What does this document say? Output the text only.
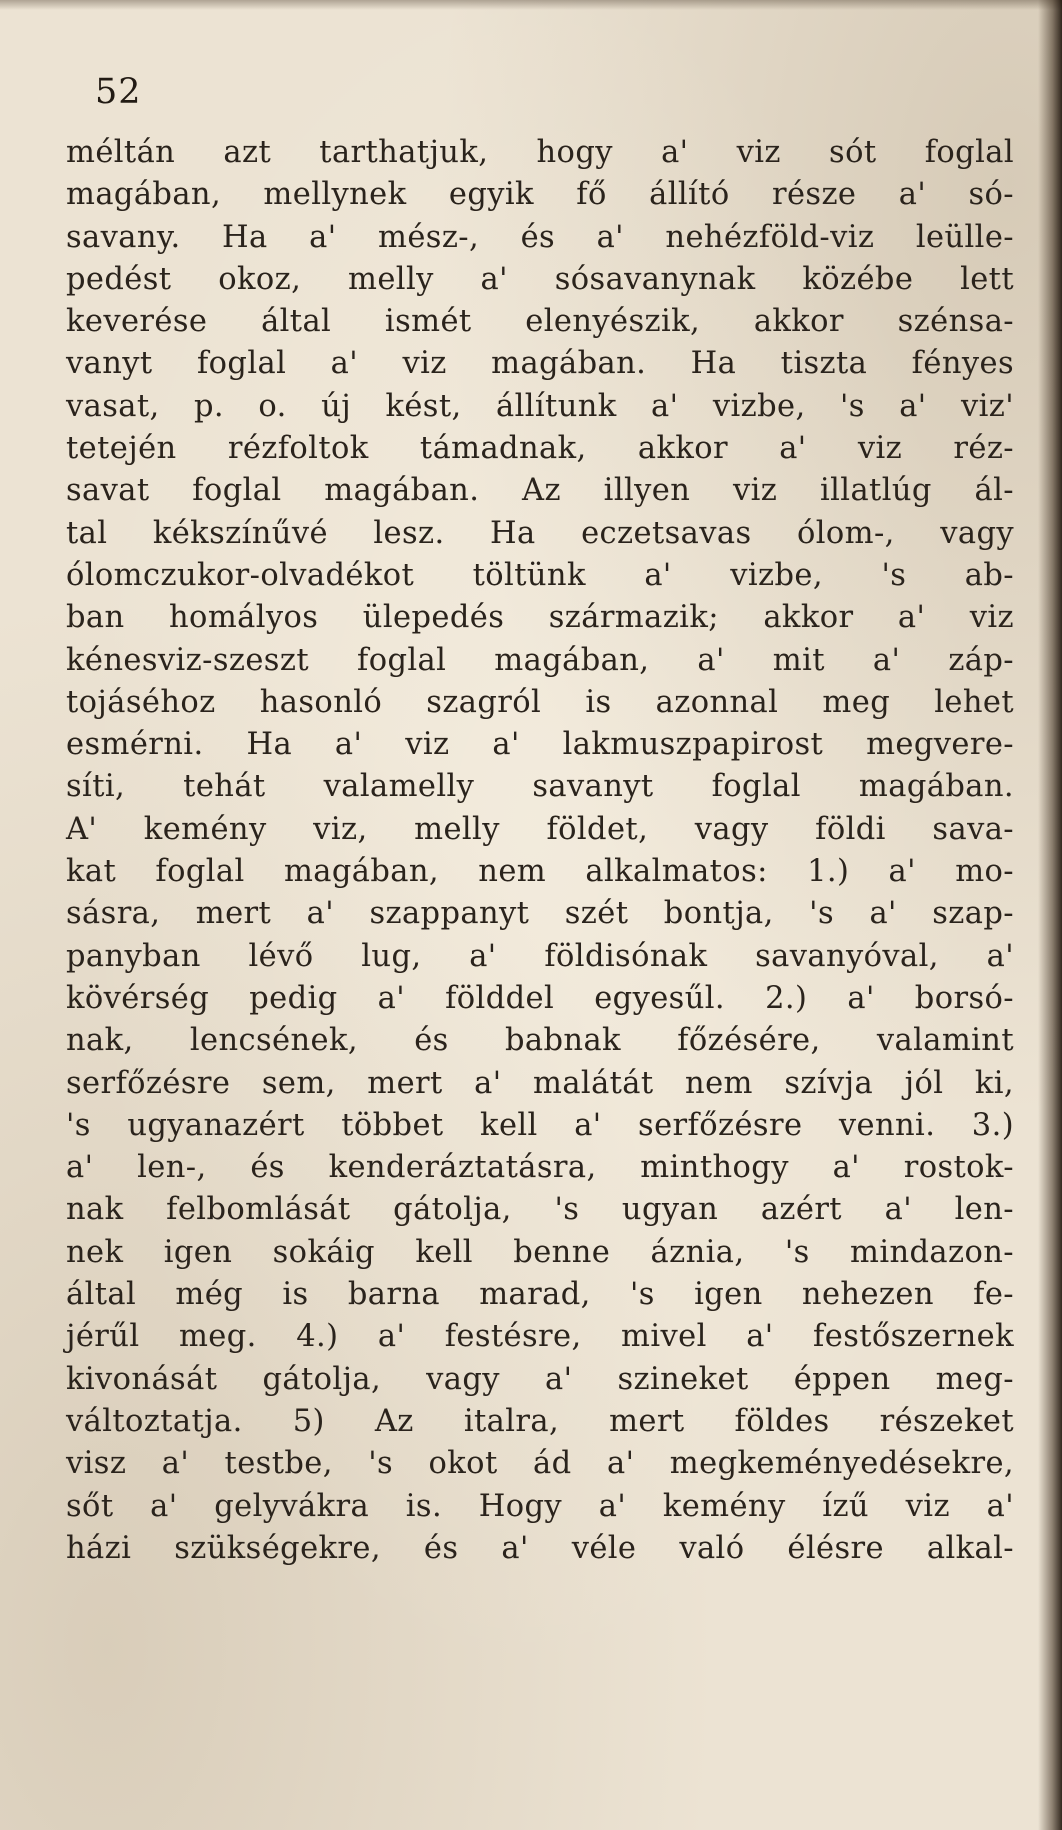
52
méltán azt tarthatjuk, hogy a' viz sót foglal
magában, mellynek egyik fő állító része a' só-
savany. Ha a' mész-, és a' nehézföld-viz leülle-
pedést okoz, melly a' sósavanynak közébe lett
keverése által ismét elenyészik, akkor szénsa-
vanyt foglal a' viz magában. Ha tiszta fényes
vasat, p. o. új kést, állítunk a' vizbe, 's a' viz'
tetején rézfoltok támadnak, akkor a' viz réz-
savat foglal magában. Az illyen viz illatlúg ál-
tal kékszínűvé lesz. Ha eczetsavas ólom-, vagy
ólomczukor-olvadékot töltünk a' vizbe, 's ab-
ban homályos ülepedés származik; akkor a' viz
kénesviz-szeszt foglal magában, a' mit a' záp-
tojáséhoz hasonló szagról is azonnal meg lehet
esmérni. Ha a' viz a' lakmuszpapirost megvere-
síti, tehát valamelly savanyt foglal magában.
A' kemény viz, melly földet, vagy földi sava-
kat foglal magában, nem alkalmatos: 1.) a' mo-
sásra, mert a' szappanyt szét bontja, 's a' szap-
panyban lévő lug, a' földisónak savanyóval, a'
kövérség pedig a' földdel egyesűl. 2.) a' borsó-
nak, lencsének, és babnak főzésére, valamint
serfőzésre sem, mert a' malátát nem szívja jól ki,
's ugyanazért többet kell a' serfőzésre venni. 3.)
a' len-, és kenderáztatásra, minthogy a' rostok-
nak felbomlását gátolja, 's ugyan azért a' len-
nek igen sokáig kell benne áznia, 's mindazon-
által még is barna marad, 's igen nehezen fe-
jérűl meg. 4.) a' festésre, mivel a' festőszernek
kivonását gátolja, vagy a' szineket éppen meg-
változtatja. 5) Az italra, mert földes részeket
visz a' testbe, 's okot ád a' megkeményedésekre,
sőt a' gelyvákra is. Hogy a' kemény ízű viz a'
házi szükségekre, és a' véle való élésre alkal-
